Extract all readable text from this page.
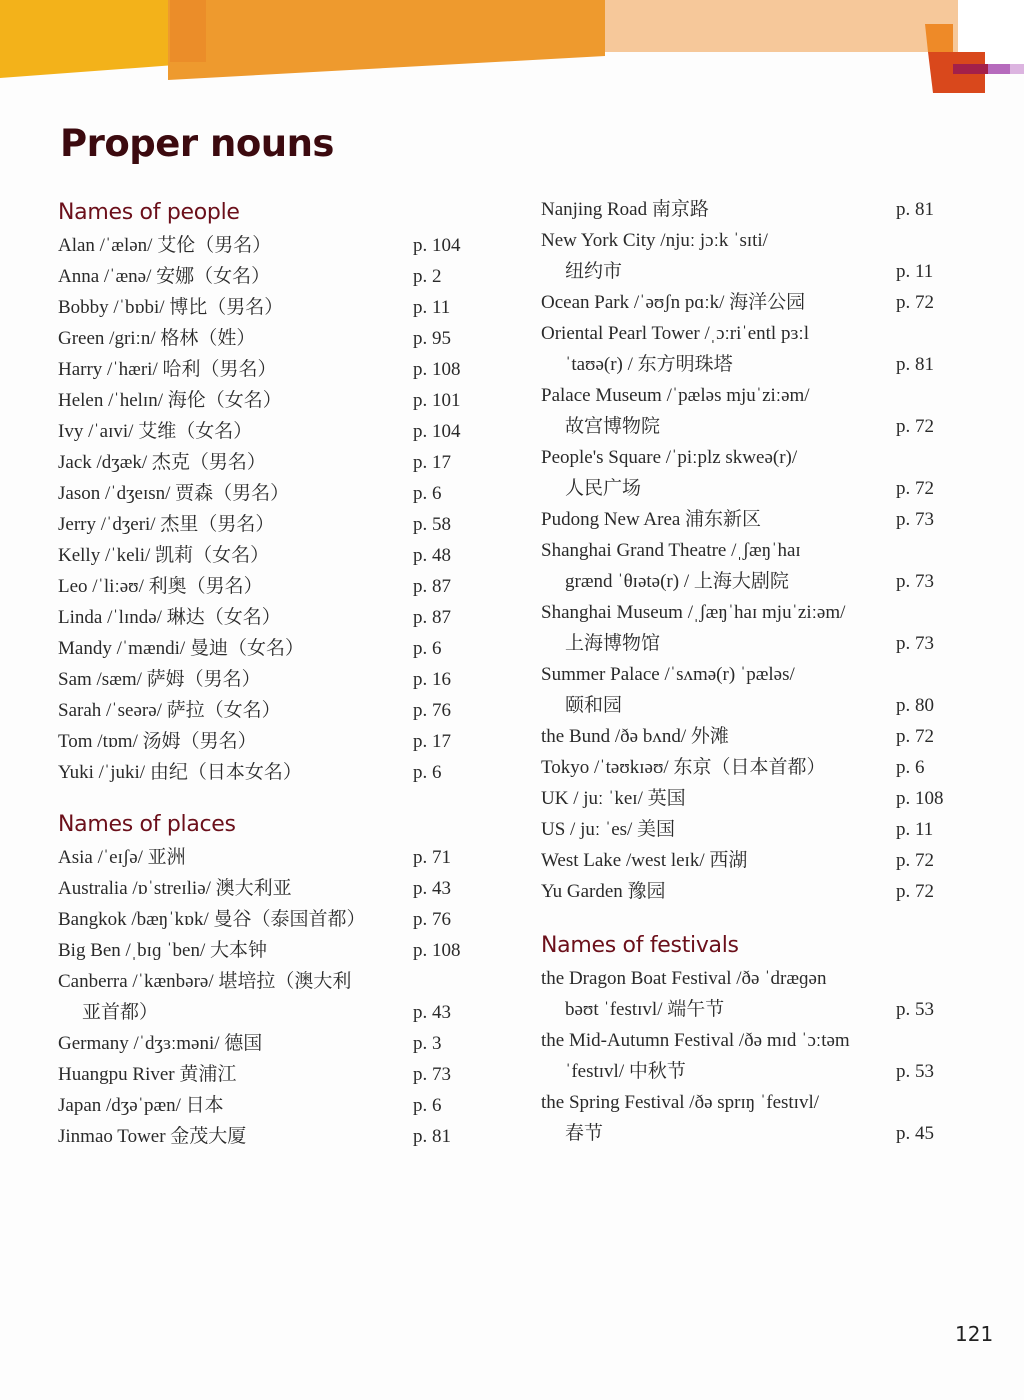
Proper nouns
Names of people
Alan /ˈælən/ 艾伦（男名）	p. 104
Anna /ˈænə/ 安娜（女名）	p. 2
Bobby /ˈbɒbi/ 博比（男名）	p. 11
Green /griːn/ 格林（姓）	p. 95
Harry /ˈhæri/ 哈利（男名）	p. 108
Helen /ˈhelɪn/ 海伦（女名）	p. 101
Ivy /ˈaɪvi/ 艾维（女名）	p. 104
Jack /dʒæk/ 杰克（男名）	p. 17
Jason /ˈdʒeɪsn/ 贾森（男名）	p. 6
Jerry /ˈdʒeri/ 杰里（男名）	p. 58
Kelly /ˈkeli/ 凯莉（女名）	p. 48
Leo /ˈliːəʊ/ 利奥（男名）	p. 87
Linda /ˈlɪndə/ 琳达（女名）	p. 87
Mandy /ˈmændi/ 曼迪（女名）	p. 6
Sam /sæm/ 萨姆（男名）	p. 16
Sarah /ˈseərə/ 萨拉（女名）	p. 76
Tom /tɒm/ 汤姆（男名）	p. 17
Yuki /ˈjuki/ 由纪（日本女名）	p. 6
Names of places
Asia /ˈeɪʃə/ 亚洲	p. 71
Australia /ɒˈstreɪliə/ 澳大利亚	p. 43
Bangkok /bæŋˈkɒk/ 曼谷（泰国首都）	p. 76
Big Ben /ˌbɪɡ ˈben/ 大本钟	p. 108
Canberra /ˈkænbərə/ 堪培拉（澳大利
亚首都）	p. 43
Germany /ˈdʒɜːməni/ 德国	p. 3
Huangpu River 黄浦江	p. 73
Japan /dʒəˈpæn/ 日本	p. 6
Jinmao Tower 金茂大厦	p. 81
Nanjing Road 南京路	p. 81
New York City /njuː jɔːk ˈsɪti/
纽约市	p. 11
Ocean Park /ˈəʊʃn pɑːk/ 海洋公园	p. 72
Oriental Pearl Tower /ˌɔːriˈentl pɜːl
ˈtaʊə(r) / 东方明珠塔	p. 81
Palace Museum /ˈpæləs mjuˈziːəm/
故宫博物院	p. 72
People's Square /ˈpiːplz skweə(r)/
人民广场	p. 72
Pudong New Area 浦东新区	p. 73
Shanghai Grand Theatre /ˌʃæŋˈhaɪ
grænd ˈθɪətə(r) / 上海大剧院	p. 73
Shanghai Museum /ˌʃæŋˈhaɪ mjuˈziːəm/
上海博物馆	p. 73
Summer Palace /ˈsʌmə(r) ˈpæləs/
颐和园	p. 80
the Bund /ðə bʌnd/ 外滩	p. 72
Tokyo /ˈtəʊkɪəʊ/ 东京（日本首都）	p. 6
UK / juː ˈkeɪ/ 英国	p. 108
US / juː ˈes/ 美国	p. 11
West Lake /west leɪk/ 西湖	p. 72
Yu Garden 豫园	p. 72
Names of festivals
the Dragon Boat Festival /ðə ˈdræɡən
bəʊt ˈfestɪvl/ 端午节	p. 53
the Mid-Autumn Festival /ðə mɪd ˈɔːtəm
ˈfestɪvl/ 中秋节	p. 53
the Spring Festival /ðə sprɪŋ ˈfestɪvl/
春节	p. 45
121
